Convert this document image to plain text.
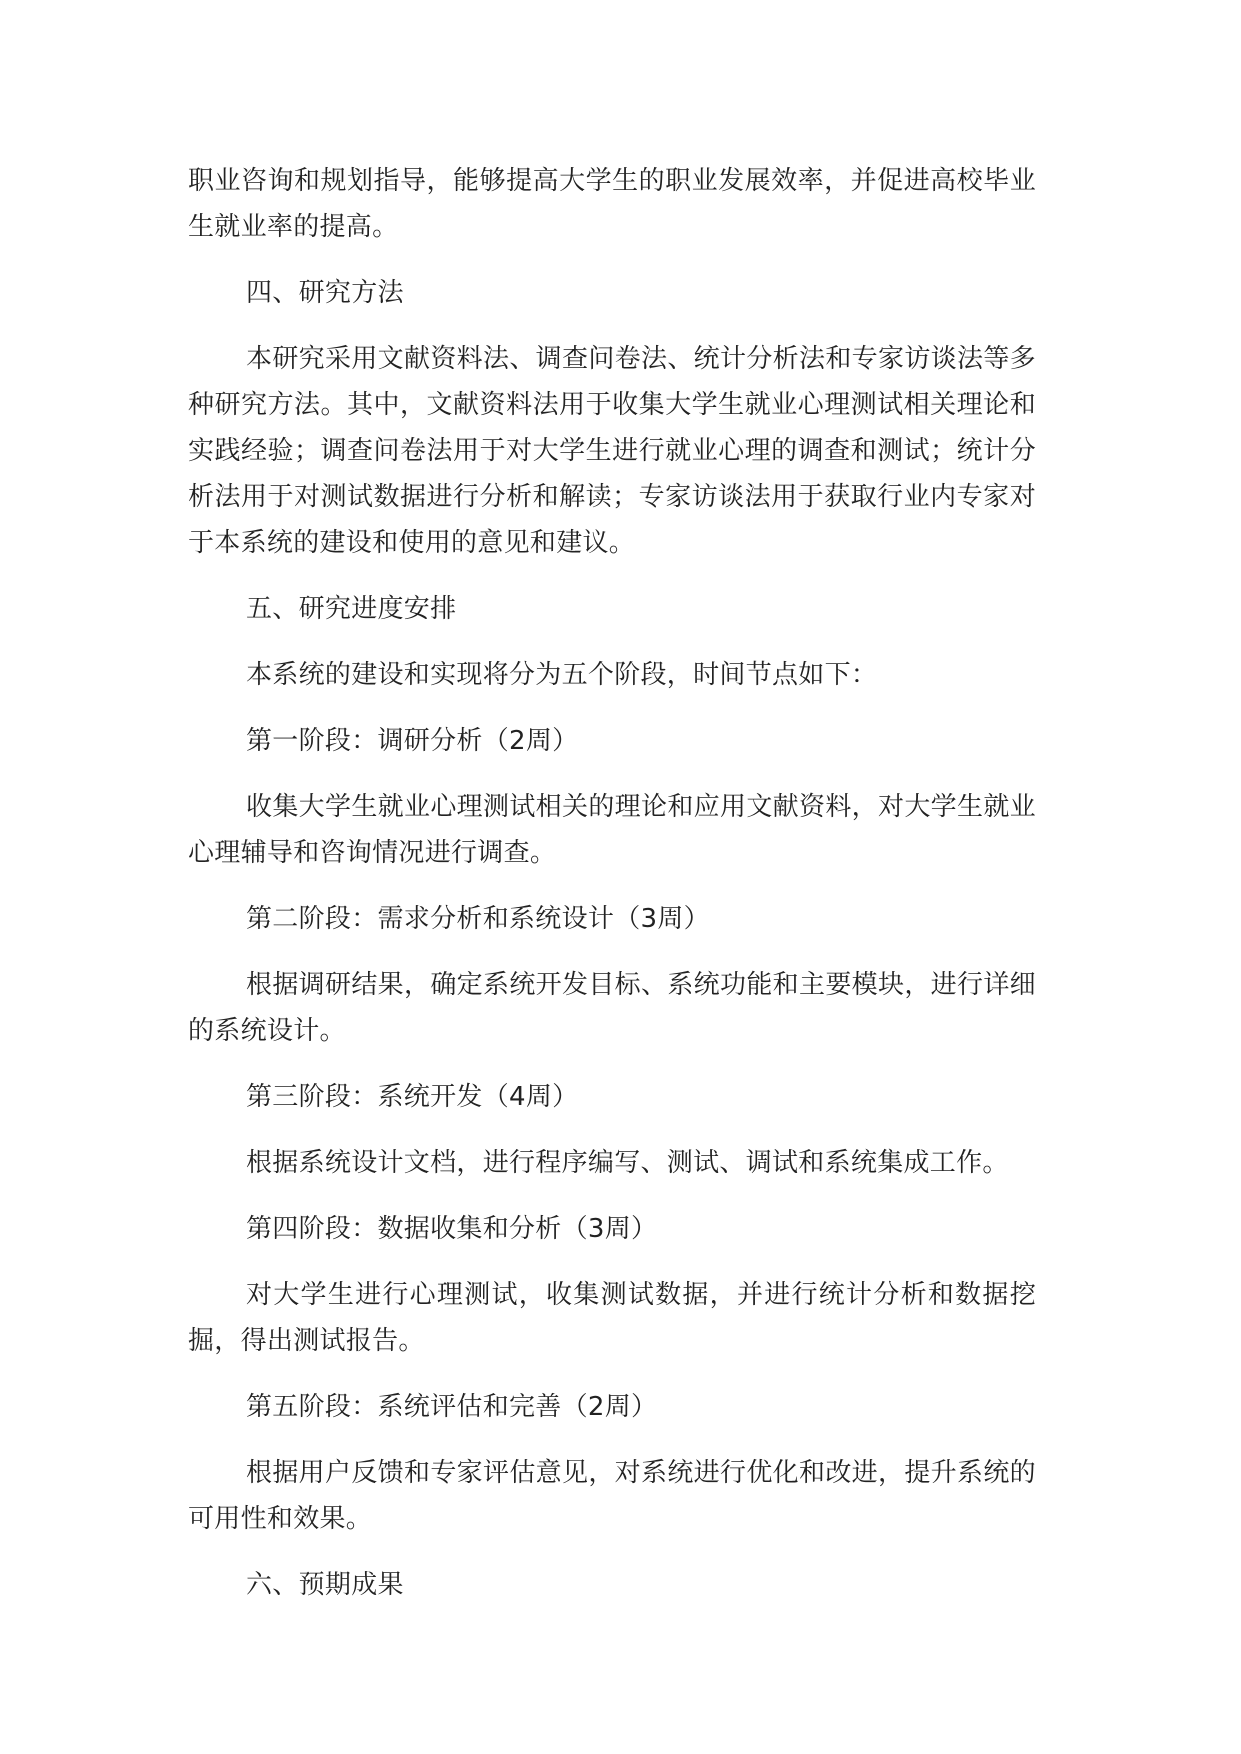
职业咨询和规划指导，能够提高大学生的职业发展效率，并促进高校毕业生就业率的提高。

四、研究方法

本研究采用文献资料法、调查问卷法、统计分析法和专家访谈法等多种研究方法。其中，文献资料法用于收集大学生就业心理测试相关理论和实践经验；调查问卷法用于对大学生进行就业心理的调查和测试；统计分析法用于对测试数据进行分析和解读；专家访谈法用于获取行业内专家对于本系统的建设和使用的意见和建议。

五、研究进度安排

本系统的建设和实现将分为五个阶段，时间节点如下：

第一阶段：调研分析（2周）

收集大学生就业心理测试相关的理论和应用文献资料，对大学生就业心理辅导和咨询情况进行调查。

第二阶段：需求分析和系统设计（3周）

根据调研结果，确定系统开发目标、系统功能和主要模块，进行详细的系统设计。

第三阶段：系统开发（4周）

根据系统设计文档，进行程序编写、测试、调试和系统集成工作。

第四阶段：数据收集和分析（3周）

对大学生进行心理测试，收集测试数据，并进行统计分析和数据挖掘，得出测试报告。

第五阶段：系统评估和完善（2周）

根据用户反馈和专家评估意见，对系统进行优化和改进，提升系统的可用性和效果。

六、预期成果
